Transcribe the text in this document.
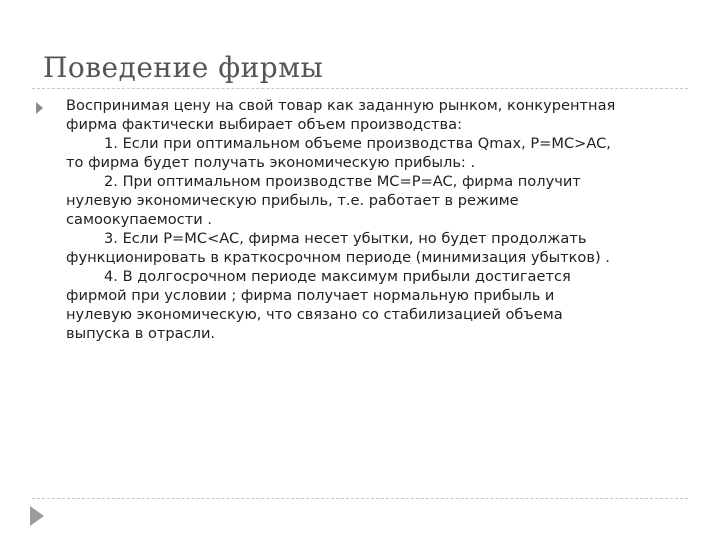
Поведение фирмы
Воспринимая цену на свой товар как заданную рынком, конкурентная
фирма фактически выбирает объем производства:
1. Если при оптимальном объеме производства Qmax, P=MC>AC,
то фирма будет получать экономическую прибыль: .
2. При оптимальном производстве MC=P=AC, фирма получит
нулевую экономическую прибыль, т.е. работает в режиме
самоокупаемости .
3. Если P=MC<AC, фирма несет убытки, но будет продолжать
функционировать в краткосрочном периоде (минимизация убытков) .
4. В долгосрочном периоде максимум прибыли достигается
фирмой при условии ; фирма получает нормальную прибыль и
нулевую экономическую, что связано со стабилизацией объема
выпуска в отрасли.
